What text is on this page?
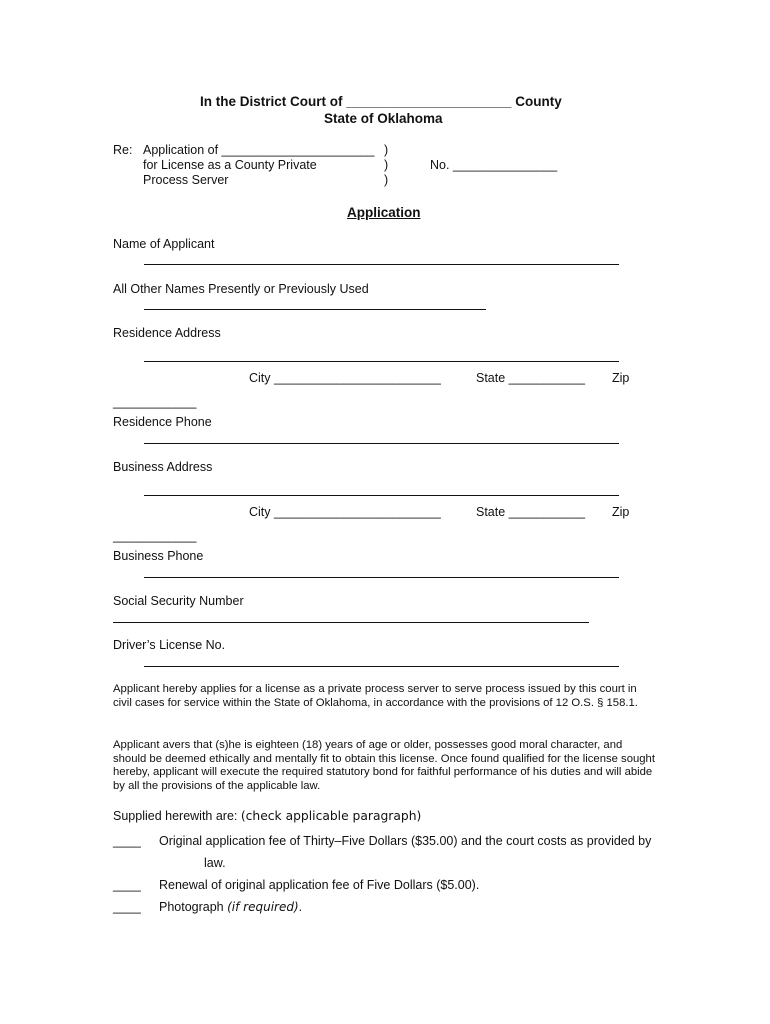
In the District Court of ______________________ County
State of Oklahoma
Re: Application of ______________________
for License as a County Private
Process Server
)
)
)
No. _______________
Application
Name of Applicant
All Other Names Presently or Previously Used
Residence Address
City ________________________	State ___________ Zip
____________
Residence Phone
Business Address
City ________________________	State ___________ Zip
____________
Business Phone
Social Security Number
Driver’s License No.
Applicant hereby applies for a license as a private process server to serve process issued by this court in civil cases for service within the State of Oklahoma, in accordance with the provisions of 12 O.S. § 158.1.
Applicant avers that (s)he is eighteen (18) years of age or older, possesses good moral character, and should be deemed ethically and mentally fit to obtain this license. Once found qualified for the license sought hereby, applicant will execute the required statutory bond for faithful performance of his duties and will abide by all the provisions of the applicable law.
Supplied herewith are: (check applicable paragraph)
____ Original application fee of Thirty–Five Dollars ($35.00) and the court costs as provided by
law.
____ Renewal of original application fee of Five Dollars ($5.00).
____ Photograph (if required).
